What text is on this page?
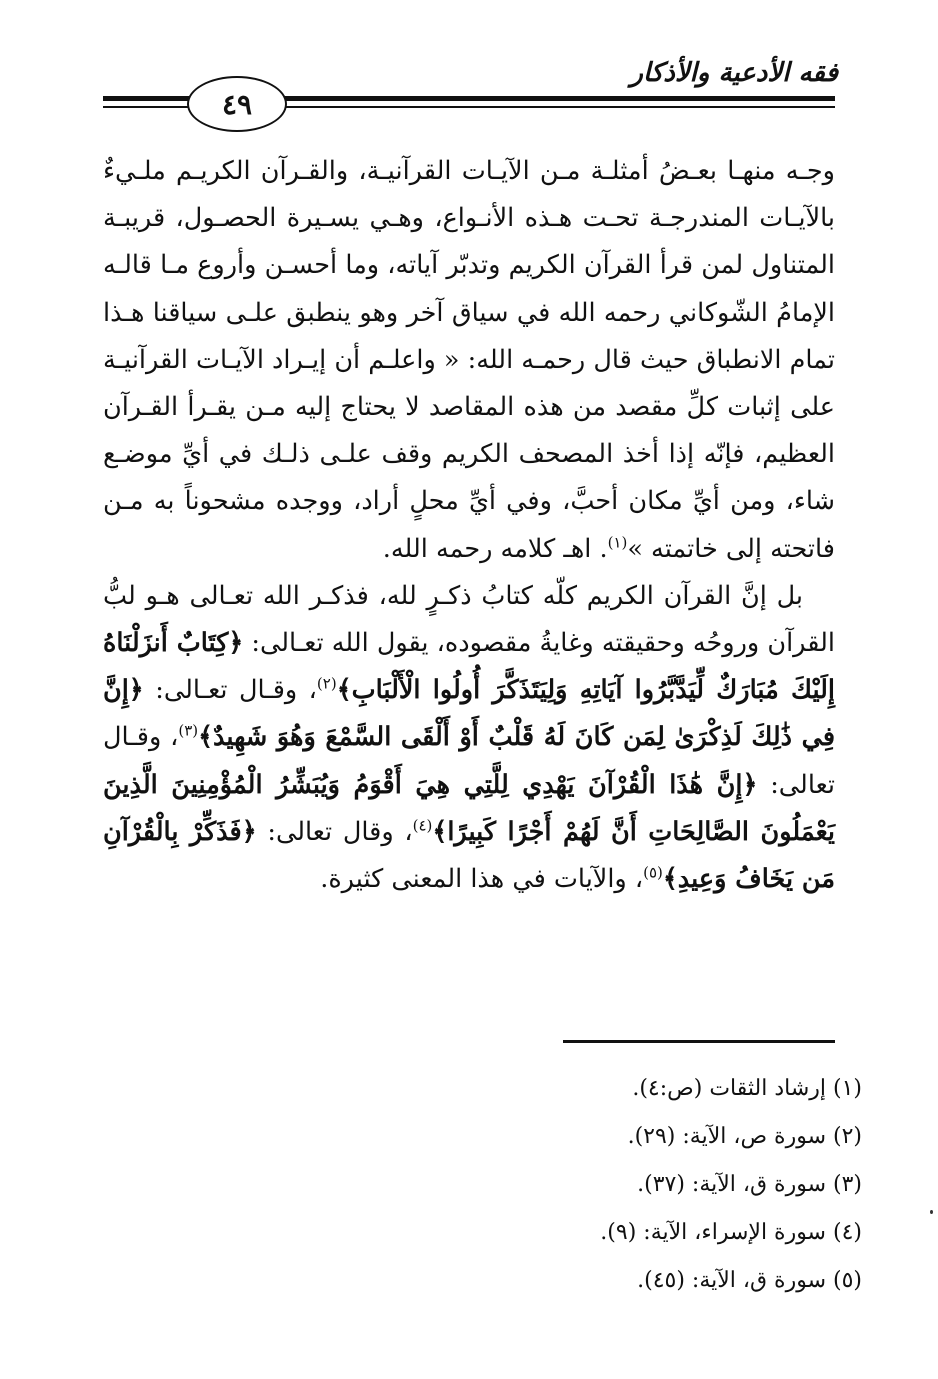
فقه الأدعية والأذكار
٤٩

وجـه منهـا بعـضُ أمثلـة مـن الآيـات القرآنيـة، والقـرآن الكريـم ملـيءٌ بالآيـات المندرجـة تحـت هـذه الأنـواع، وهـي يسـيرة الحصـول، قريبـة المتناول لمن قرأ القرآن الكريم وتدبّر آياته، وما أحسـن وأروع مـا قالـه الإمامُ الشّوكاني رحمه الله في سياق آخر وهو ينطبق علـى سياقنا هـذا تمام الانطباق حيث قال رحمـه الله: « واعلـم أن إيـراد الآيـات القرآنيـة على إثبات كلِّ مقصد من هذه المقاصد لا يحتاج إليه مـن يقـرأ القـرآن العظيم، فإنّه إذا أخذ المصحف الكريم وقف علـى ذلـك في أيِّ موضـع شاء، ومن أيِّ مكان أحبَّ، وفي أيِّ محلٍ أراد، ووجده مشحوناً به مـن فاتحته إلى خاتمته »$^{(١)}$. اهـ كلامه رحمه الله.

بل إنَّ القرآن الكريم كلّه كتابُ ذكـرٍ لله، فذكـر الله تعـالى هـو لبُّ القرآن وروحُه وحقيقته وغايةُ مقصوده، يقول الله تعـالى: ﴿كِتَابٌ أَنزَلْنَاهُ إِلَيْكَ مُبَارَكٌ لِّيَدَّبَّرُوا آيَاتِهِ وَلِيَتَذَكَّرَ أُولُوا الْأَلْبَابِ﴾$^{(٢)}$، وقـال تعـالى: ﴿إِنَّ فِي ذَٰلِكَ لَذِكْرَىٰ لِمَن كَانَ لَهُ قَلْبٌ أَوْ أَلْقَى السَّمْعَ وَهُوَ شَهِيدٌ﴾$^{(٣)}$، وقـال تعالى: ﴿إِنَّ هَٰذَا الْقُرْآنَ يَهْدِي لِلَّتِي هِيَ أَقْوَمُ وَيُبَشِّرُ الْمُؤْمِنِينَ الَّذِينَ يَعْمَلُونَ الصَّالِحَاتِ أَنَّ لَهُمْ أَجْرًا كَبِيرًا﴾$^{(٤)}$، وقال تعالى: ﴿فَذَكِّرْ بِالْقُرْآنِ مَن يَخَافُ وَعِيدِ﴾$^{(٥)}$، والآيات في هذا المعنى كثيرة.

(١) إرشاد الثقات (ص:٤).
(٢) سورة ص، الآية: (٢٩).
(٣) سورة ق، الآية: (٣٧).
(٤) سورة الإسراء، الآية: (٩).
(٥) سورة ق، الآية: (٤٥).
